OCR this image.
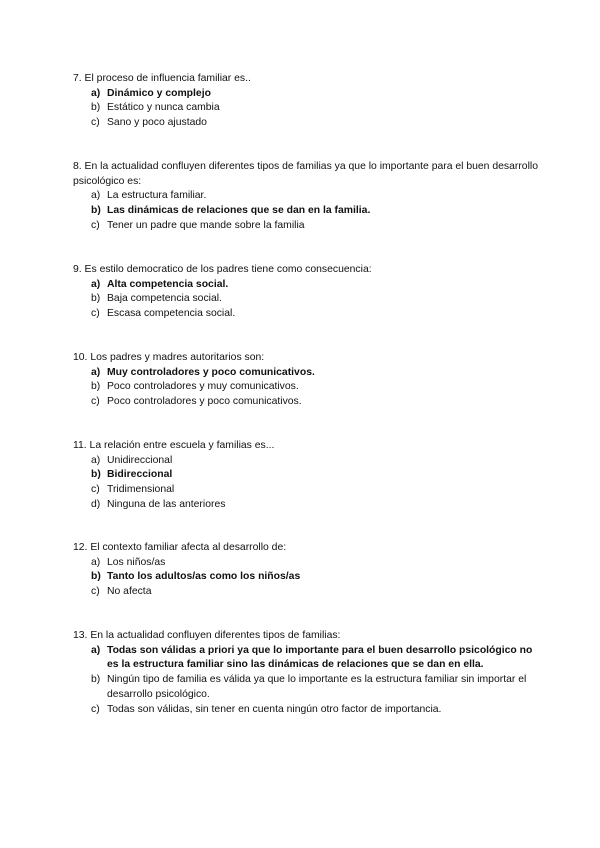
7. El proceso de influencia familiar es..

a) Dinámico y complejo
b) Estático y nunca cambia
c) Sano y poco ajustado

8. En la actualidad confluyen diferentes tipos de familias ya que lo importante para el buen desarrollo psicológico es:

a) La estructura familiar.
b) Las dinámicas de relaciones que se dan en la familia.
c) Tener un padre que mande sobre la familia

9. Es estilo democratico de los padres tiene como consecuencia:

a) Alta competencia social.
b) Baja competencia social.
c) Escasa competencia social.

10. Los padres y madres autoritarios son:

a) Muy controladores y poco comunicativos.
b) Poco controladores y muy comunicativos.
c) Poco controladores y poco comunicativos.

11. La relación entre escuela y familias es...

a) Unidireccional
b) Bidireccional
c) Tridimensional
d) Ninguna de las anteriores

12. El contexto familiar afecta al desarrollo de:

a) Los niños/as
b) Tanto los adultos/as como los niños/as
c) No afecta

13. En la actualidad confluyen diferentes tipos de familias:

a) Todas son válidas a priori ya que lo importante para el buen desarrollo psicológico no es la estructura familiar sino las dinámicas de relaciones que se dan en ella.
b) Ningún tipo de familia es válida ya que lo importante es la estructura familiar sin importar el desarrollo psicológico.
c) Todas son válidas, sin tener en cuenta ningún otro factor de importancia.
